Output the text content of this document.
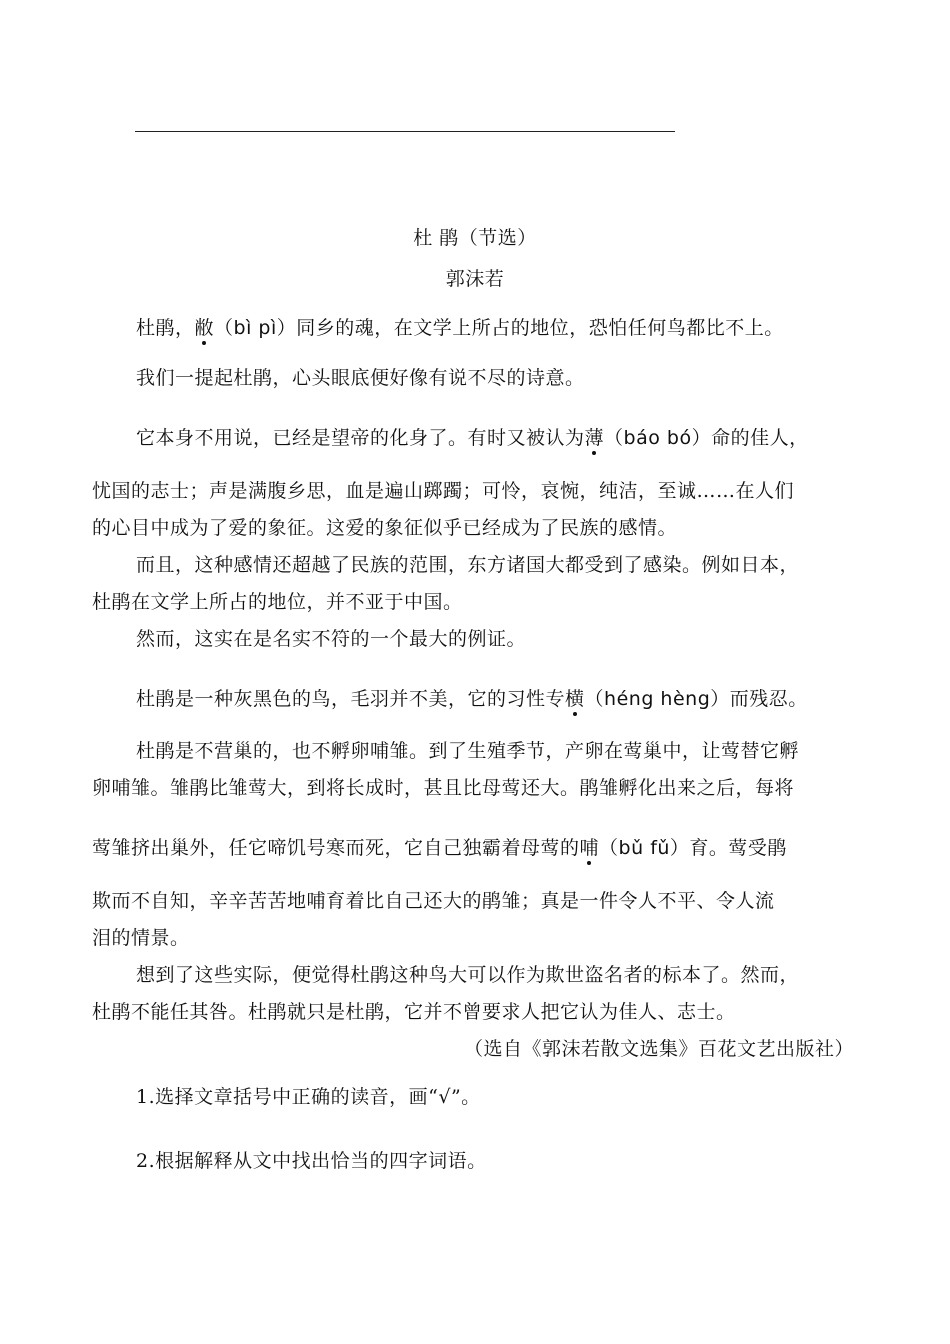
杜 鹃（节选）
郭沫若
杜鹃，敝（bì pì）同乡的魂，在文学上所占的地位，恐怕任何鸟都比不上。
我们一提起杜鹃，心头眼底便好像有说不尽的诗意。
它本身不用说，已经是望帝的化身了。有时又被认为薄（báo bó）命的佳人，
忧国的志士；声是满腹乡思，血是遍山踯躅；可怜，哀惋，纯洁，至诚……在人们
的心目中成为了爱的象征。这爱的象征似乎已经成为了民族的感情。
而且，这种感情还超越了民族的范围，东方诸国大都受到了感染。例如日本，
杜鹃在文学上所占的地位，并不亚于中国。
然而，这实在是名实不符的一个最大的例证。
杜鹃是一种灰黑色的鸟，毛羽并不美，它的习性专横（héng hèng）而残忍。
杜鹃是不营巢的，也不孵卵哺雏。到了生殖季节，产卵在莺巢中，让莺替它孵
卵哺雏。雏鹃比雏莺大，到将长成时，甚且比母莺还大。鹃雏孵化出来之后，每将
莺雏挤出巢外，任它啼饥号寒而死，它自己独霸着母莺的哺（bǔ fǔ）育。莺受鹃
欺而不自知，辛辛苦苦地哺育着比自己还大的鹃雏；真是一件令人不平、令人流
泪的情景。
想到了这些实际，便觉得杜鹃这种鸟大可以作为欺世盗名者的标本了。然而，
杜鹃不能任其咎。杜鹃就只是杜鹃，它并不曾要求人把它认为佳人、志士。
（选自《郭沫若散文选集》百花文艺出版社）
1.选择文章括号中正确的读音，画“√”。
2.根据解释从文中找出恰当的四字词语。
